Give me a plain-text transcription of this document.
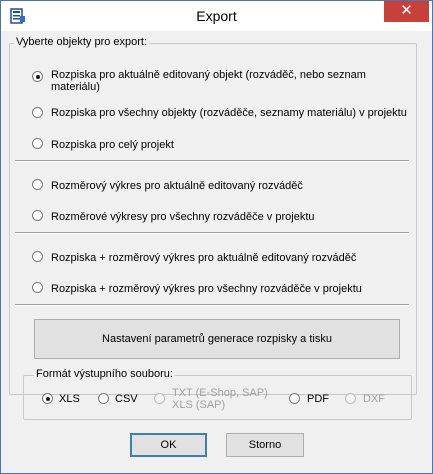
Export	✕
Vyberte objekty pro export:
Rozpiska pro aktuálně editovaný objekt (rozváděč, nebo seznam
materiálu)
Rozpiska pro všechny objekty (rozváděče, seznamy materiálu) v projektu
Rozpiska pro celý projekt
Rozměrový výkres pro aktuálně editovaný rozváděč
Rozměrové výkresy pro všechny rozváděče v projektu
Rozpiska + rozměrový výkres pro aktuálně editovaný rozváděč
Rozpiska + rozměrový výkres pro všechny rozváděče v projektu
Nastavení parametrů generace rozpisky a tisku
Formát výstupního souboru:
XLS	CSV	TXT (E-Shop, SAP)
XLS (SAP)	PDF	DXF
OK	Storno
